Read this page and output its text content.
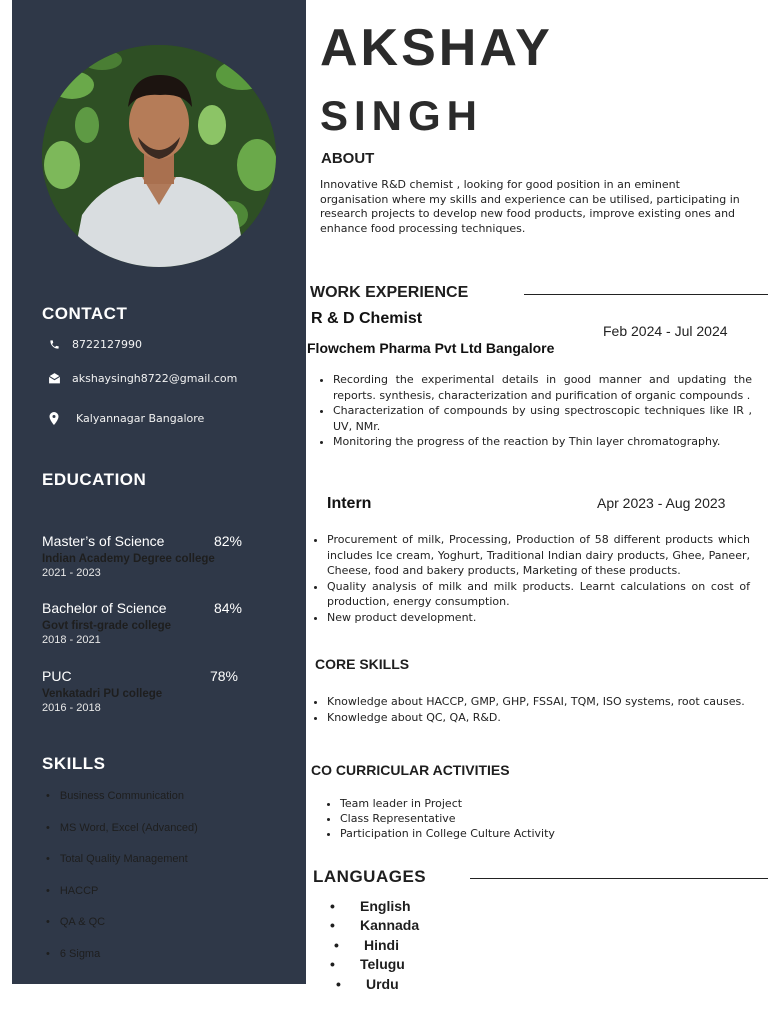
CONTACT
8722127990
akshaysingh8722@gmail.com
Kalyannagar Bangalore
EDUCATION
Master’s of Science	82%
Indian Academy Degree college
2021 - 2023
Bachelor of Science	84%
Govt first-grade college
2018 - 2021
PUC	78%
Venkatadri PU college
2016 - 2018
SKILLS
• Business Communication
• MS Word, Excel (Advanced)
• Total Quality Management
• HACCP
• QA & QC
• 6 Sigma
AKSHAY
SINGH
ABOUT

Innovative R&D chemist , looking for good position in an eminent organisation where my skills and experience can be utilised, participating in research projects to develop new food products, improve existing ones and enhance food processing techniques.

WORK EXPERIENCE
R & D Chemist
Feb 2024 - Jul 2024
Flowchem Pharma Pvt Ltd Bangalore
• Recording the experimental details in good manner and updating the reports. synthesis, characterization and purification of organic compounds .
• Characterization of compounds by using spectroscopic techniques like IR , UV, NMr.
• Monitoring the progress of the reaction by Thin layer chromatography.
Intern	Apr 2023 - Aug 2023
• Procurement of milk, Processing, Production of 58 different products which includes Ice cream, Yoghurt, Traditional Indian dairy products, Ghee, Paneer, Cheese, food and bakery products, Marketing of these products.
• Quality analysis of milk and milk products. Learnt calculations on cost of production, energy consumption.
• New product development.
CORE SKILLS
• Knowledge about HACCP, GMP, GHP, FSSAI, TQM, ISO systems, root causes.
• Knowledge about QC, QA, R&D.
CO CURRICULAR ACTIVITIES
• Team leader in Project
• Class Representative
• Participation in College Culture Activity
LANGUAGES
• English
• Kannada
• Hindi
• Telugu
• Urdu
